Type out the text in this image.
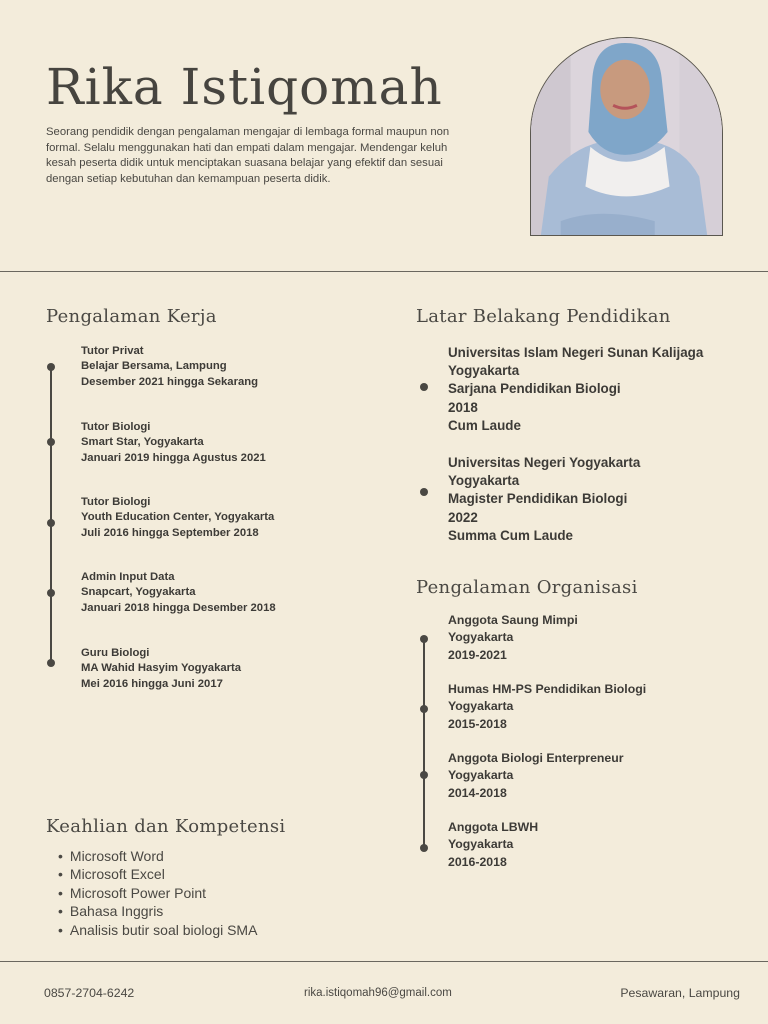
Rika Istiqomah

Seorang pendidik dengan pengalaman mengajar di lembaga formal maupun non formal. Selalu menggunakan hati dan empati dalam mengajar. Mendengar keluh kesah peserta didik untuk menciptakan suasana belajar yang efektif dan sesuai dengan setiap kebutuhan dan kemampuan peserta didik.

Pengalaman Kerja
Tutor Privat
Belajar Bersama, Lampung
Desember 2021 hingga Sekarang
Tutor Biologi
Smart Star, Yogyakarta
Januari 2019 hingga Agustus 2021
Tutor Biologi
Youth Education Center, Yogyakarta
Juli 2016 hingga September 2018
Admin Input Data
Snapcart, Yogyakarta
Januari 2018 hingga Desember 2018
Guru Biologi
MA Wahid Hasyim Yogyakarta
Mei 2016 hingga Juni 2017
Latar Belakang Pendidikan
Universitas Islam Negeri Sunan Kalijaga
Yogyakarta
Sarjana Pendidikan Biologi
2018
Cum Laude
Universitas Negeri Yogyakarta
Yogyakarta
Magister Pendidikan Biologi
2022
Summa Cum Laude
Pengalaman Organisasi
Anggota Saung Mimpi
Yogyakarta
2019-2021
Humas HM-PS Pendidikan Biologi
Yogyakarta
2015-2018
Anggota Biologi Enterpreneur
Yogyakarta
2014-2018
Anggota LBWH
Yogyakarta
2016-2018
Keahlian dan Kompetensi
• Microsoft Word
• Microsoft Excel
• Microsoft Power Point
• Bahasa Inggris
• Analisis butir soal biologi SMA
0857-2704-6242	rika.istiqomah96@gmail.com	Pesawaran, Lampung
